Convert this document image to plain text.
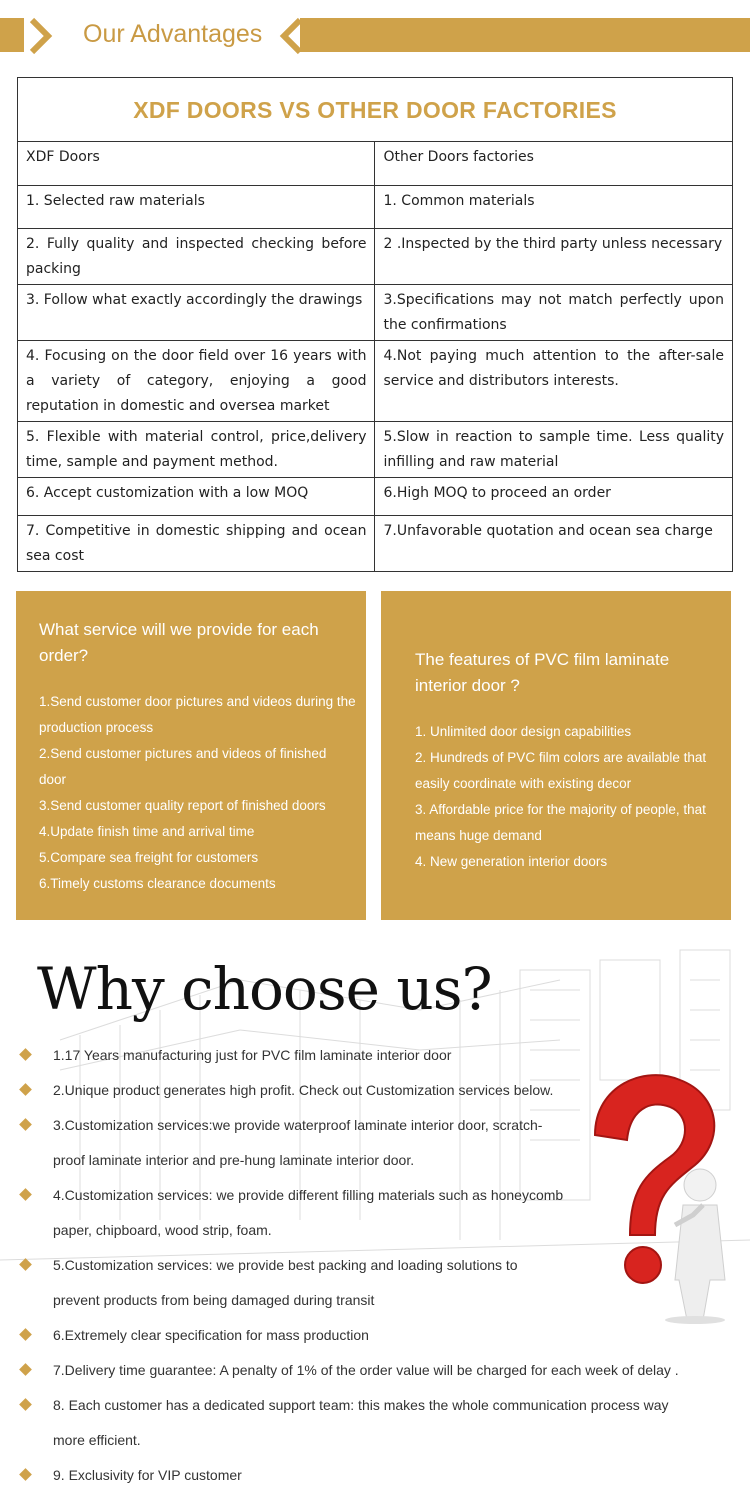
Our Advantages
XDF DOORS VS OTHER DOOR FACTORIES	
XDF Doors	Other Doors factories
1. Selected raw materials	1. Common materials
2. Fully quality and inspected checking before packing	2 .Inspected by the third party unless necessary
3. Follow what exactly accordingly the drawings	3.Specifications may not match perfectly upon the confirmations
4. Focusing on the door field over 16 years with a variety of category, enjoying a good reputation in domestic and oversea market	4.Not paying much attention to the after-sale service and distributors interests.
5. Flexible with material control, price,delivery time, sample and payment method.	5.Slow in reaction to sample time. Less quality infilling and raw material
6. Accept customization with a low MOQ	6.High MOQ to proceed an order
7. Competitive in domestic shipping and ocean sea cost	7.Unfavorable quotation and ocean sea charge
What service will we provide for each order?
1.Send customer door pictures and videos during the production process
2.Send customer pictures and videos of finished door
3.Send customer quality report of finished doors
4.Update finish time and arrival time
5.Compare sea freight for customers
6.Timely customs clearance documents
The features of PVC film laminate interior door ?
1. Unlimited door design capabilities
2. Hundreds of PVC film colors are available that easily coordinate with existing decor
3. Affordable price for the majority of people, that means huge demand
4. New generation interior doors
Why choose us?
1.17 Years manufacturing just for PVC film laminate interior door
2.Unique product generates high profit. Check out Customization services below.
3.Customization services:we provide waterproof laminate interior door, scratch-
proof laminate interior and pre-hung laminate interior door.
4.Customization services: we provide different filling materials such as honeycomb
paper, chipboard, wood strip, foam.
5.Customization services: we provide best packing and loading solutions to
prevent products from being damaged during transit
6.Extremely clear specification for mass production
7.Delivery time guarantee: A penalty of 1% of the order value will be charged for each week of delay .
8. Each customer has a dedicated support team: this makes the whole communication process way
more efficient.
9. Exclusivity for VIP customer
